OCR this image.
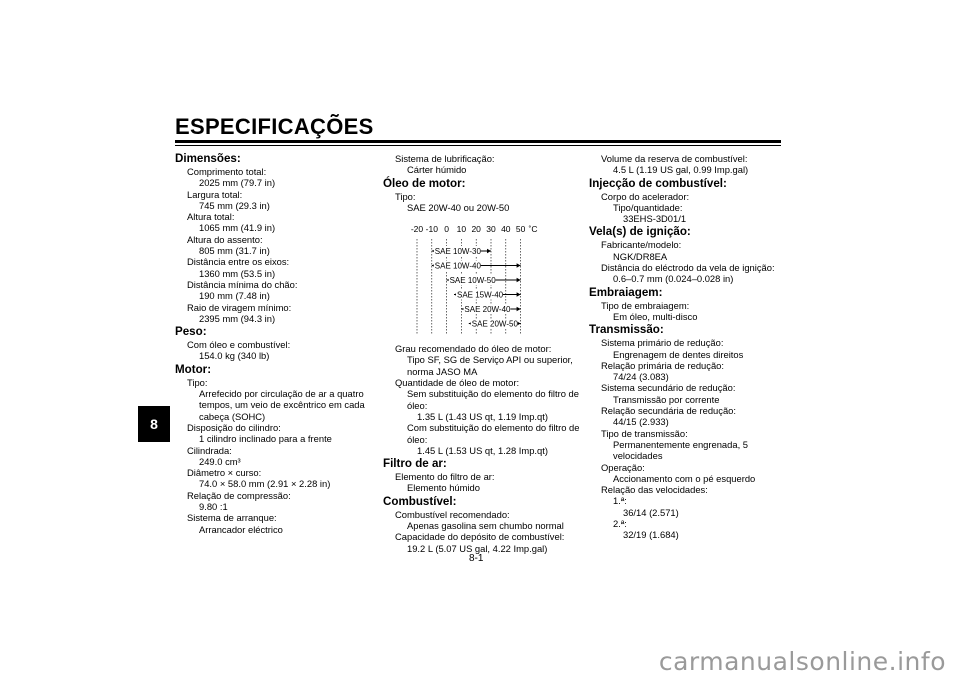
ESPECIFICAÇÕES
8
Dimensões:
Comprimento total:
2025 mm (79.7 in)
Largura total:
745 mm (29.3 in)
Altura total:
1065 mm (41.9 in)
Altura do assento:
805 mm (31.7 in)
Distância entre os eixos:
1360 mm (53.5 in)
Distância mínima do chão:
190 mm (7.48 in)
Raio de viragem mínimo:
2395 mm (94.3 in)
Peso:
Com óleo e combustível:
154.0 kg (340 lb)
Motor:
Tipo:
Arrefecido por circulação de ar a quatro
tempos, um veio de excêntrico em cada
cabeça (SOHC)
Disposição do cilindro:
1 cilindro inclinado para a frente
Cilindrada:
249.0 cm³
Diâmetro × curso:
74.0 × 58.0 mm (2.91 × 2.28 in)
Relação de compressão:
9.80 :1
Sistema de arranque:
Arrancador eléctrico
Sistema de lubrificação:
Cárter húmido
Óleo de motor:
Tipo:
SAE 20W-40 ou 20W-50
-20 -10 0 10 20 30 40 50 ˚C
SAE 10W-30
SAE 10W-40
SAE 10W-50
SAE 15W-40
SAE 20W-40
SAE 20W-50
Grau recomendado do óleo de motor:
Tipo SF, SG de Serviço API ou superior,
norma JASO MA
Quantidade de óleo de motor:
Sem substituição do elemento do filtro de
óleo:
1.35 L (1.43 US qt, 1.19 Imp.qt)
Com substituição do elemento do filtro de
óleo:
1.45 L (1.53 US qt, 1.28 Imp.qt)
Filtro de ar:
Elemento do filtro de ar:
Elemento húmido
Combustível:
Combustível recomendado:
Apenas gasolina sem chumbo normal
Capacidade do depósito de combustível:
19.2 L (5.07 US gal, 4.22 Imp.gal)
Volume da reserva de combustível:
4.5 L (1.19 US gal, 0.99 Imp.gal)
Injecção de combustível:
Corpo do acelerador:
Tipo/quantidade:
33EHS-3D01/1
Vela(s) de ignição:
Fabricante/modelo:
NGK/DR8EA
Distância do eléctrodo da vela de ignição:
0.6–0.7 mm (0.024–0.028 in)
Embraiagem:
Tipo de embraiagem:
Em óleo, multi-disco
Transmissão:
Sistema primário de redução:
Engrenagem de dentes direitos
Relação primária de redução:
74/24 (3.083)
Sistema secundário de redução:
Transmissão por corrente
Relação secundária de redução:
44/15 (2.933)
Tipo de transmissão:
Permanentemente engrenada, 5
velocidades
Operação:
Accionamento com o pé esquerdo
Relação das velocidades:
1.ª:
36/14 (2.571)
2.ª:
32/19 (1.684)
8-1
carmanualsonline.info
